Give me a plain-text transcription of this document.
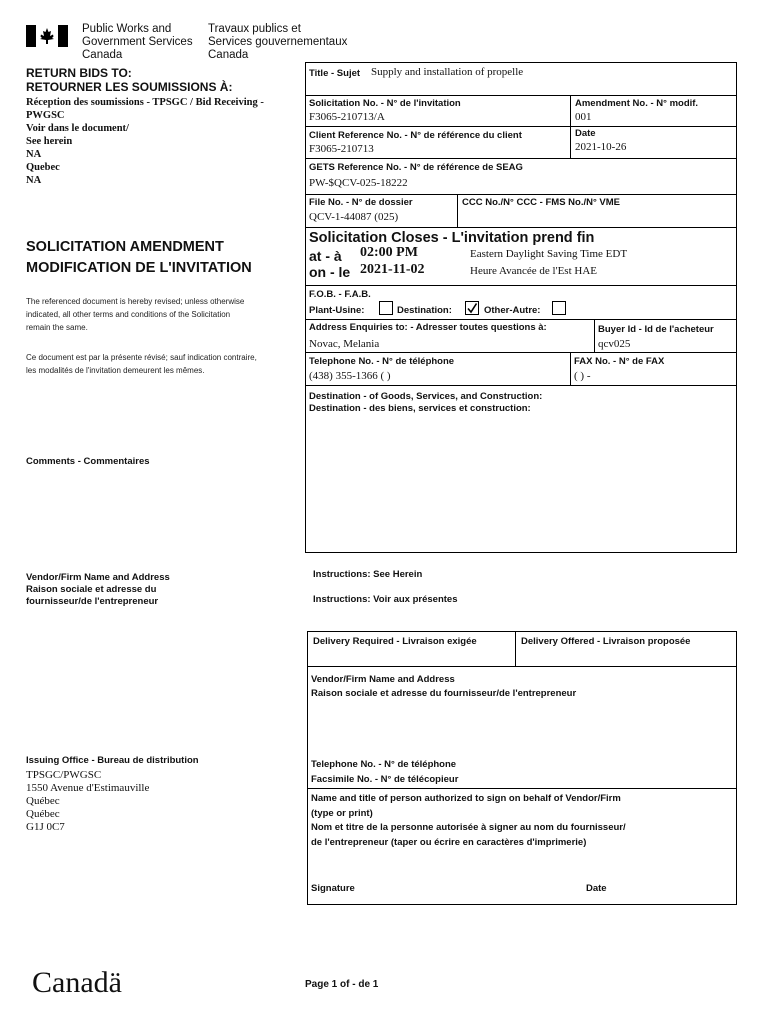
Public Works and
Government Services
Canada
Travaux publics et
Services gouvernementaux
Canada
RETURN BIDS TO:
RETOURNER LES SOUMISSIONS À:
Réception des soumissions - TPSGC / Bid Receiving -
PWGSC
Voir dans le document/
See herein
NA
Quebec
NA
SOLICITATION AMENDMENT
MODIFICATION DE L'INVITATION
The referenced document is hereby revised; unless otherwise
indicated, all other terms and conditions of the Solicitation
remain the same.
Ce document est par la présente révisé; sauf indication contraire,
les modalités de l'invitation demeurent les mêmes.
Comments - Commentaires
Vendor/Firm Name and Address
Raison sociale et adresse du
fournisseur/de l'entrepreneur
Issuing Office - Bureau de distribution
TPSGC/PWGSC
1550 Avenue d'Estimauville
Québec
Québec
G1J 0C7
Title - Sujet Supply and installation of propelle
Solicitation No. - N° de l'invitation
F3065-210713/A
Amendment No. - N° modif.
001
Client Reference No. - N° de référence du client
F3065-210713
Date
2021-10-26
GETS Reference No. - N° de référence de SEAG
PW-$QCV-025-18222
File No. - N° de dossier
QCV-1-44087 (025)
CCC No./N° CCC - FMS No./N° VME
Solicitation Closes - L'invitation prend fin
at - à 02:00 PM	Eastern Daylight Saving Time EDT
on - le 2021-11-02	Heure Avancée de l'Est HAE
F.O.B. - F.A.B.
Plant-Usine:	Destination:	Other-Autre:
Address Enquiries to: - Adresser toutes questions à:
Novac, Melania
Buyer Id - Id de l'acheteur
qcv025
Telephone No. - N° de téléphone
(438) 355-1366 ( )
FAX No. - N° de FAX
( ) -
Destination - of Goods, Services, and Construction:
Destination - des biens, services et construction:
Instructions: See Herein
Instructions: Voir aux présentes
Delivery Required - Livraison exigée	Delivery Offered - Livraison proposée
Vendor/Firm Name and Address
Raison sociale et adresse du fournisseur/de l'entrepreneur
Telephone No. - N° de téléphone
Facsimile No. - N° de télécopieur
Name and title of person authorized to sign on behalf of Vendor/Firm
(type or print)
Nom et titre de la personne autorisée à signer au nom du fournisseur/
de l'entrepreneur (taper ou écrire en caractères d'imprimerie)
Signature	Date
Canadä	Page 1 of - de 1
